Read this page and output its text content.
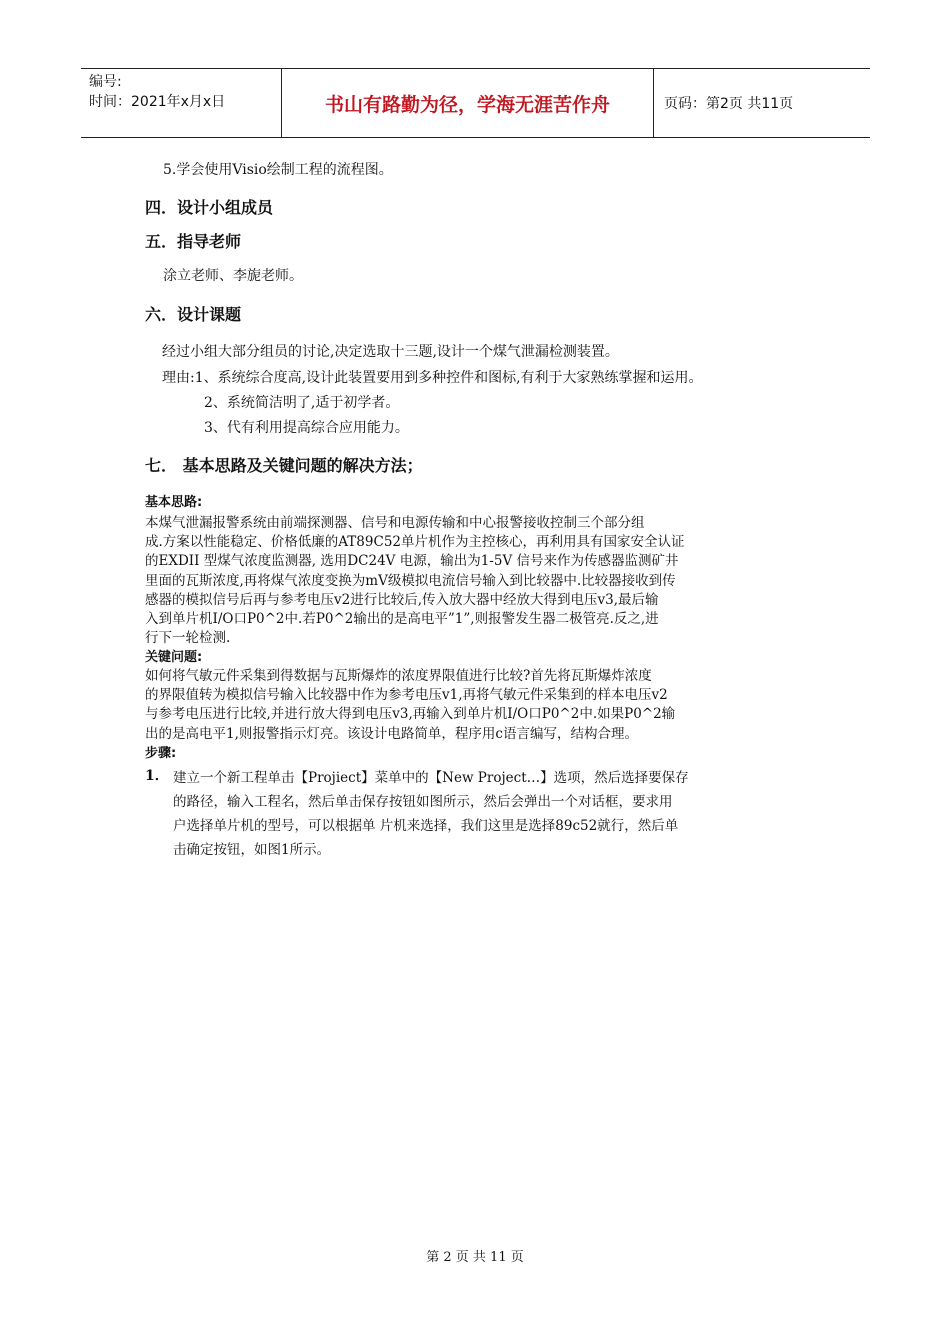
编号:
时间：2021年x月x日	书山有路勤为径，学海无涯苦作舟	页码：第2页 共11页
5.学会使用Visio绘制工程的流程图。
四．设计小组成员
五．指导老师
涂立老师、李旎老师。
六．设计课题
经过小组大部分组员的讨论,决定选取十三题,设计一个煤气泄漏检测装置。
理由:1、系统综合度高,设计此装置要用到多种控件和图标,有利于大家熟练掌握和运用。
2、系统简洁明了,适于初学者。
3、代有利用提高综合应用能力。
七． 基本思路及关键问题的解决方法；
基本思路:
本煤气泄漏报警系统由前端探测器、信号和电源传输和中心报警接收控制三个部分组
成.方案以性能稳定、价格低廉的AT89C52单片机作为主控核心，再利用具有国家安全认证
的EXDII 型煤气浓度监测器, 选用DC24V 电源，输出为1-5V 信号来作为传感器监测矿井
里面的瓦斯浓度,再将煤气浓度变换为mV级模拟电流信号输入到比较器中.比较器接收到传
感器的模拟信号后再与参考电压v2进行比较后,传入放大器中经放大得到电压v3,最后输
入到单片机I/O口P0^2中.若P0^2输出的是高电平”1”,则报警发生器二极管亮.反之,进
行下一轮检测.
关键问题:
如何将气敏元件采集到得数据与瓦斯爆炸的浓度界限值进行比较?首先将瓦斯爆炸浓度
的界限值转为模拟信号输入比较器中作为参考电压v1,再将气敏元件采集到的样本电压v2
与参考电压进行比较,并进行放大得到电压v3,再输入到单片机I/O口P0^2中.如果P0^2输
出的是高电平1,则报警指示灯亮。该设计电路简单，程序用c语言编写，结构合理。
步骤:
1． 建立一个新工程单击【Projiect】菜单中的【New Project…】选项，然后选择要保存
的路径，输入工程名，然后单击保存按钮如图所示，然后会弹出一个对话框，要求用
户选择单片机的型号，可以根据单 片机来选择，我们这里是选择89c52就行，然后单
击确定按钮，如图1所示。
第 2 页 共 11 页
